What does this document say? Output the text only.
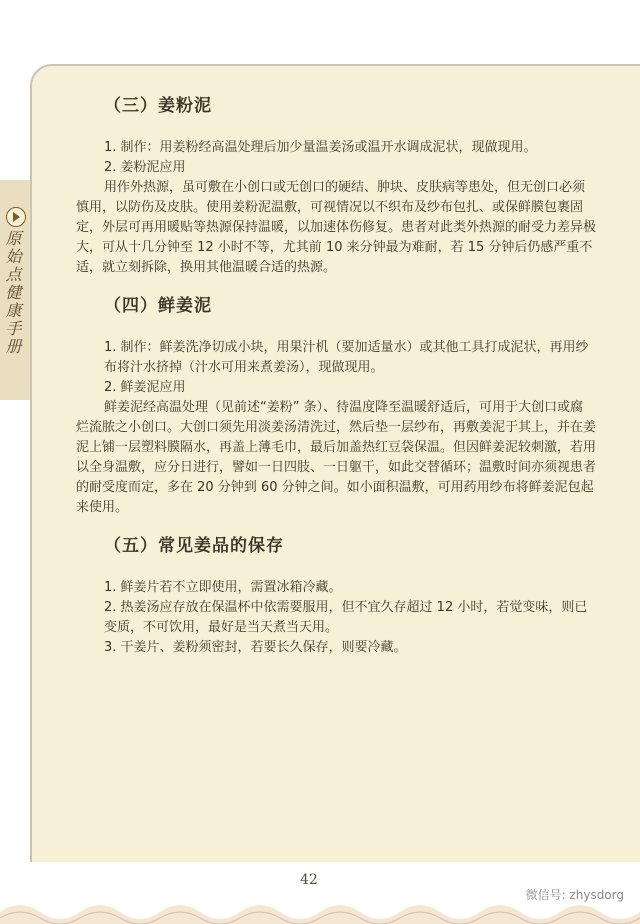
原始点健康手册
（三）姜粉泥

1. 制作：用姜粉经高温处理后加少量温姜汤或温开水调成泥状，现做现用。

2. 姜粉泥应用

用作外热源，虽可敷在小创口或无创口的硬结、肿块、皮肤病等患处，但无创口必须慎用，以防伤及皮肤。使用姜粉泥温敷，可视情况以不织布及纱布包扎、或保鲜膜包裹固定，外层可再用暖贴等热源保持温暖，以加速体伤修复。患者对此类外热源的耐受力差异极大，可从十几分钟至 12 小时不等，尤其前 10 来分钟最为难耐，若 15 分钟后仍感严重不适，就立刻拆除，换用其他温暖合适的热源。

（四）鲜姜泥

1. 制作：鲜姜洗净切成小块，用果汁机（要加适量水）或其他工具打成泥状，再用纱布将汁水挤掉（汁水可用来煮姜汤），现做现用。

2. 鲜姜泥应用

鲜姜泥经高温处理（见前述“姜粉” 条）、待温度降至温暖舒适后，可用于大创口或腐烂流脓之小创口。大创口须先用淡姜汤清洗过，然后垫一层纱布，再敷姜泥于其上，并在姜泥上铺一层塑料膜隔水，再盖上薄毛巾，最后加盖热红豆袋保温。但因鲜姜泥较刺激，若用以全身温敷，应分日进行，譬如一日四肢、一日躯干，如此交替循环；温敷时间亦须视患者的耐受度而定，多在 20 分钟到 60 分钟之间。如小面积温敷，可用药用纱布将鲜姜泥包起来使用。

（五）常见姜品的保存

1. 鲜姜片若不立即使用，需置冰箱冷藏。

2. 热姜汤应存放在保温杯中依需要服用，但不宜久存超过 12 小时，若觉变味，则已变质，不可饮用，最好是当天煮当天用。

3. 干姜片、姜粉须密封，若要长久保存，则要冷藏。

42
微信号: zhysdorg
